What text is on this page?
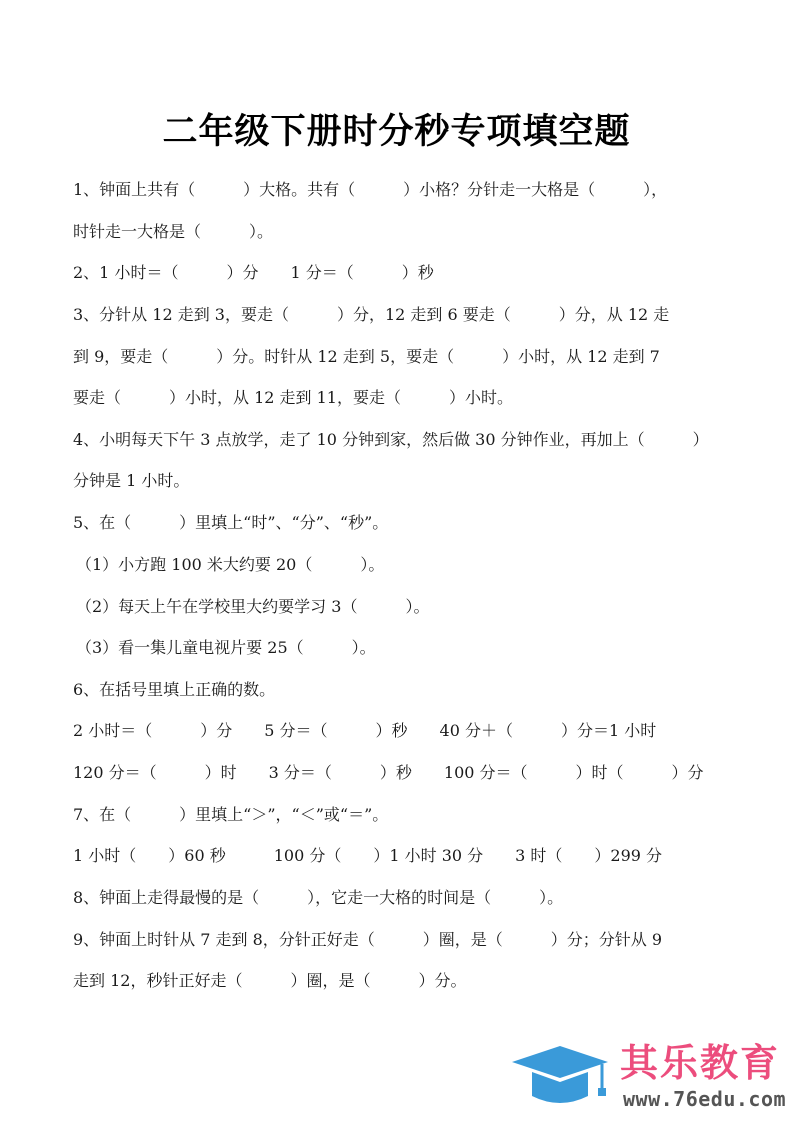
二年级下册时分秒专项填空题
1、钟面上共有（　　　）大格。共有（　　　）小格？分针走一大格是（　　　），
时针走一大格是（　　　）。
2、1 小时＝（　　　）分　　1 分＝（　　　）秒
3、分针从 12 走到 3，要走（　　　）分，12 走到 6 要走（　　　）分，从 12 走
到 9，要走（　　　）分。时针从 12 走到 5，要走（　　　）小时，从 12 走到 7
要走（　　　）小时，从 12 走到 11，要走（　　　）小时。
4、小明每天下午 3 点放学，走了 10 分钟到家，然后做 30 分钟作业，再加上（　　　）
分钟是 1 小时。
5、在（　　　）里填上“时”、“分”、“秒”。
（1）小方跑 100 米大约要 20（　　　）。
（2）每天上午在学校里大约要学习 3（　　　）。
（3）看一集儿童电视片要 25（　　　）。
6、在括号里填上正确的数。
2 小时＝（　　　）分　　5 分＝（　　　）秒　　40 分＋（　　　）分＝1 小时
120 分＝（　　　）时　　3 分＝（　　　）秒　　100 分＝（　　　）时（　　　）分
7、在（　　　）里填上“＞”，“＜”或“＝”。
1 小时（　　）60 秒　　　100 分（　　）1 小时 30 分　　3 时（　　）299 分
8、钟面上走得最慢的是（　　　），它走一大格的时间是（　　　）。
9、钟面上时针从 7 走到 8，分针正好走（　　　）圈，是（　　　）分；分针从 9
走到 12，秒针正好走（　　　）圈，是（　　　）分。
其乐教育
www.76edu.com
